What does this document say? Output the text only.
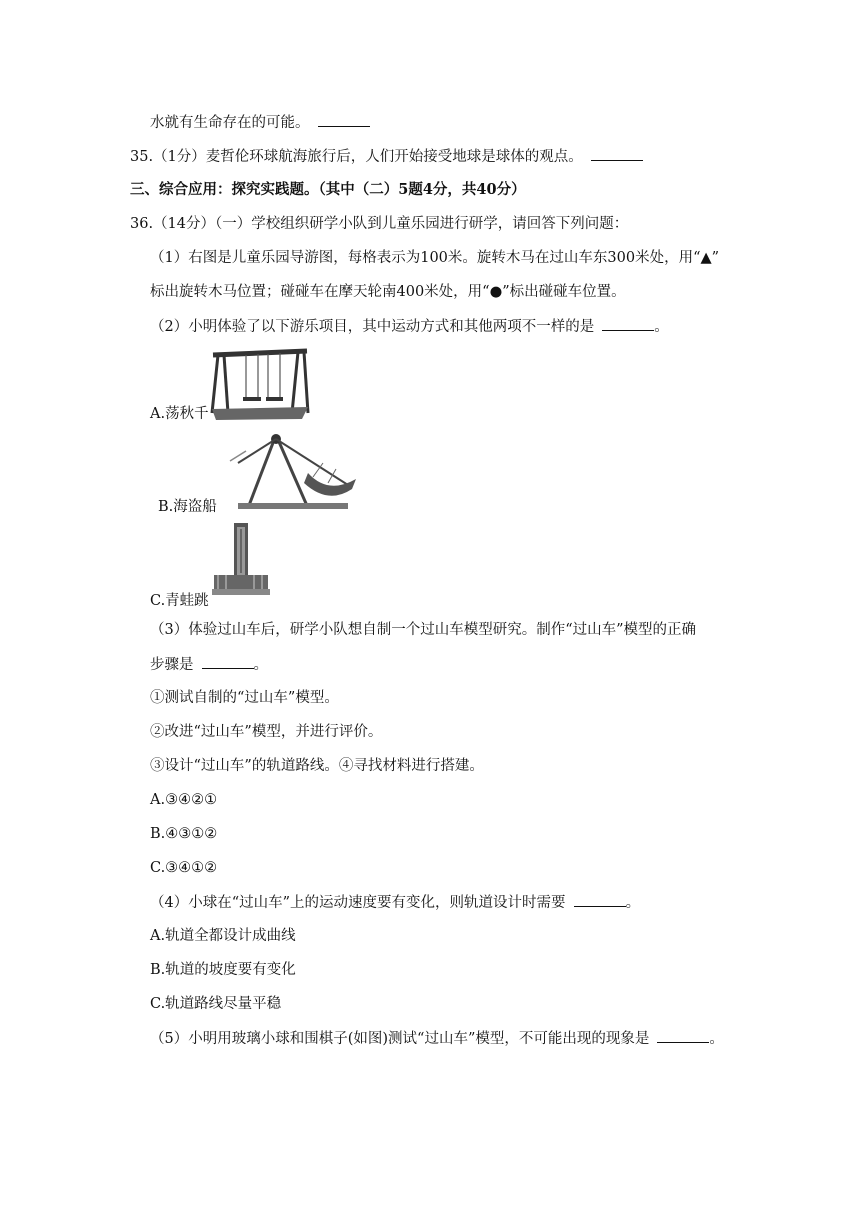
水就有生命存在的可能。
35.（1分）麦哲伦环球航海旅行后，人们开始接受地球是球体的观点。
三、综合应用：探究实践题。（其中（二）5题4分，共40分）
36.（14分）（一）学校组织研学小队到儿童乐园进行研学，请回答下列问题：
（1）右图是儿童乐园导游图，每格表示为100米。旋转木马在过山车东300米处，用“▲”
标出旋转木马位置；碰碰车在摩天轮南400米处，用“●”标出碰碰车位置。
（2）小明体验了以下游乐项目，其中运动方式和其他两项不一样的是	。
A.荡秋千
B.海盗船
C.青蛙跳
（3）体验过山车后，研学小队想自制一个过山车模型研究。制作“过山车”模型的正确
步骤是	。
①测试自制的“过山车”模型。
②改进“过山车”模型，并进行评价。
③设计“过山车”的轨道路线。④寻找材料进行搭建。
A.③④②①
B.④③①②
C.③④①②
（4）小球在“过山车”上的运动速度要有变化，则轨道设计时需要	。
A.轨道全都设计成曲线
B.轨道的坡度要有变化
C.轨道路线尽量平稳
（5）小明用玻璃小球和围棋子(如图)测试“过山车”模型，不可能出现的现象是	。
